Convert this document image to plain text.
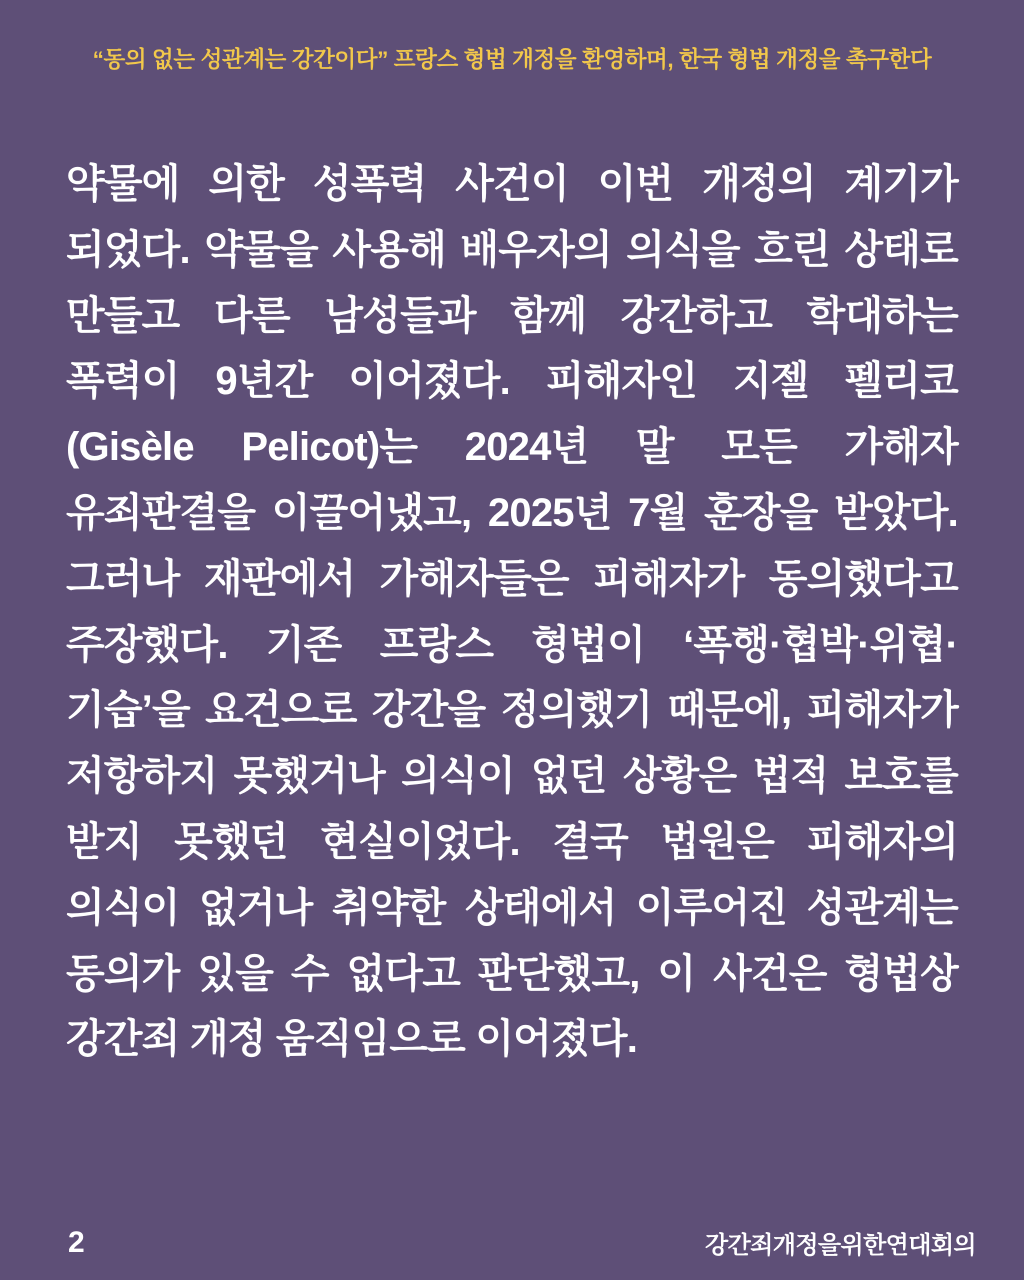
“동의 없는 성관계는 강간이다” 프랑스 형법 개정을 환영하며, 한국 형법 개정을 촉구한다

약물에 의한 성폭력 사건이 이번 개정의 계기가 되었다. 약물을 사용해 배우자의 의식을 흐린 상태로 만들고 다른 남성들과 함께 강간하고 학대하는 폭력이 9년간 이어졌다. 피해자인 지젤 펠리코(Gisèle Pelicot)는 2024년 말 모든 가해자 유죄판결을 이끌어냈고, 2025년 7월 훈장을 받았다. 그러나 재판에서 가해자들은 피해자가 동의했다고 주장했다. 기존 프랑스 형법이 ‘폭행·협박·위협·기습’을 요건으로 강간을 정의했기 때문에, 피해자가 저항하지 못했거나 의식이 없던 상황은 법적 보호를 받지 못했던 현실이었다. 결국 법원은 피해자의 의식이 없거나 취약한 상태에서 이루어진 성관계는 동의가 있을 수 없다고 판단했고, 이 사건은 형법상 강간죄 개정 움직임으로 이어졌다.

2	강간죄개정을위한연대회의
